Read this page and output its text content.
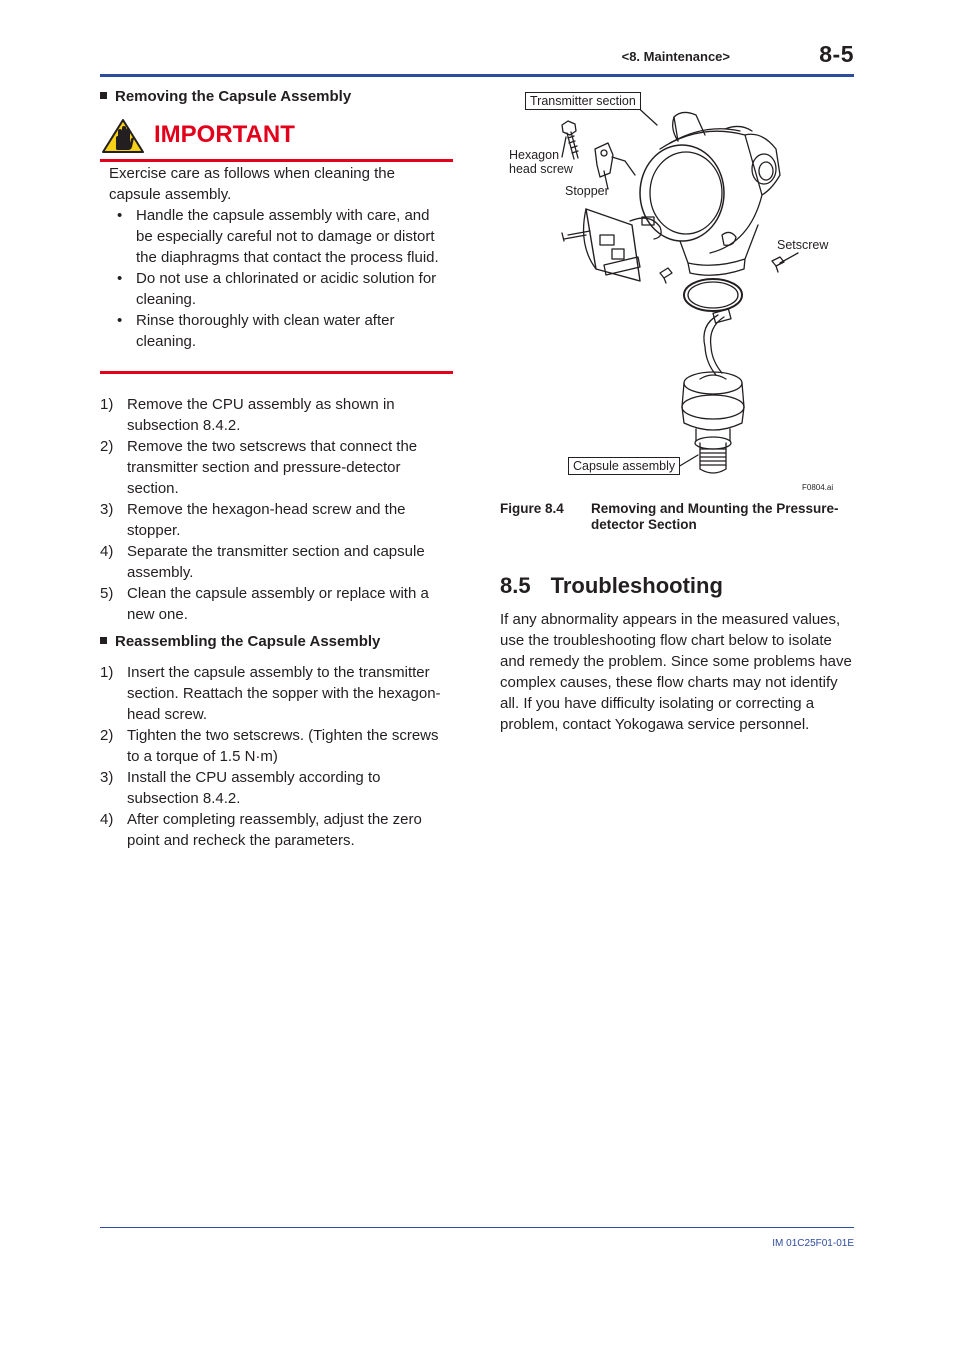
<8. Maintenance>	8-5
Removing the Capsule Assembly
IMPORTANT
Exercise care as follows when cleaning the capsule assembly.
• Handle the capsule assembly with care, and be especially careful not to damage or distort the diaphragms that contact the process fluid.
• Do not use a chlorinated or acidic solution for cleaning.
• Rinse thoroughly with clean water after cleaning.
1) Remove the CPU assembly as shown in subsection 8.4.2.
2) Remove the two setscrews that connect the transmitter section and pressure-detector section.
3) Remove the hexagon-head screw and the stopper.
4) Separate the transmitter section and capsule assembly.
5) Clean the capsule assembly or replace with a new one.
Reassembling the Capsule Assembly
1) Insert the capsule assembly to the transmitter section. Reattach the sopper with the hexagon-head screw.
2) Tighten the two setscrews. (Tighten the screws to a torque of 1.5 N·m)
3) Install the CPU assembly according to subsection 8.4.2.
4) After completing reassembly, adjust the zero point and recheck the parameters.
Transmitter section
Hexagon
head screw
Stopper
Setscrew
Capsule assembly
F0804.ai
Figure 8.4 Removing and Mounting the Pressure-detector Section
8.5 Troubleshooting
If any abnormality appears in the measured values, use the troubleshooting flow chart below to isolate and remedy the problem. Since some problems have complex causes, these flow charts may not identify all. If you have difficulty isolating or correcting a problem, contact Yokogawa service personnel.
IM 01C25F01-01E
